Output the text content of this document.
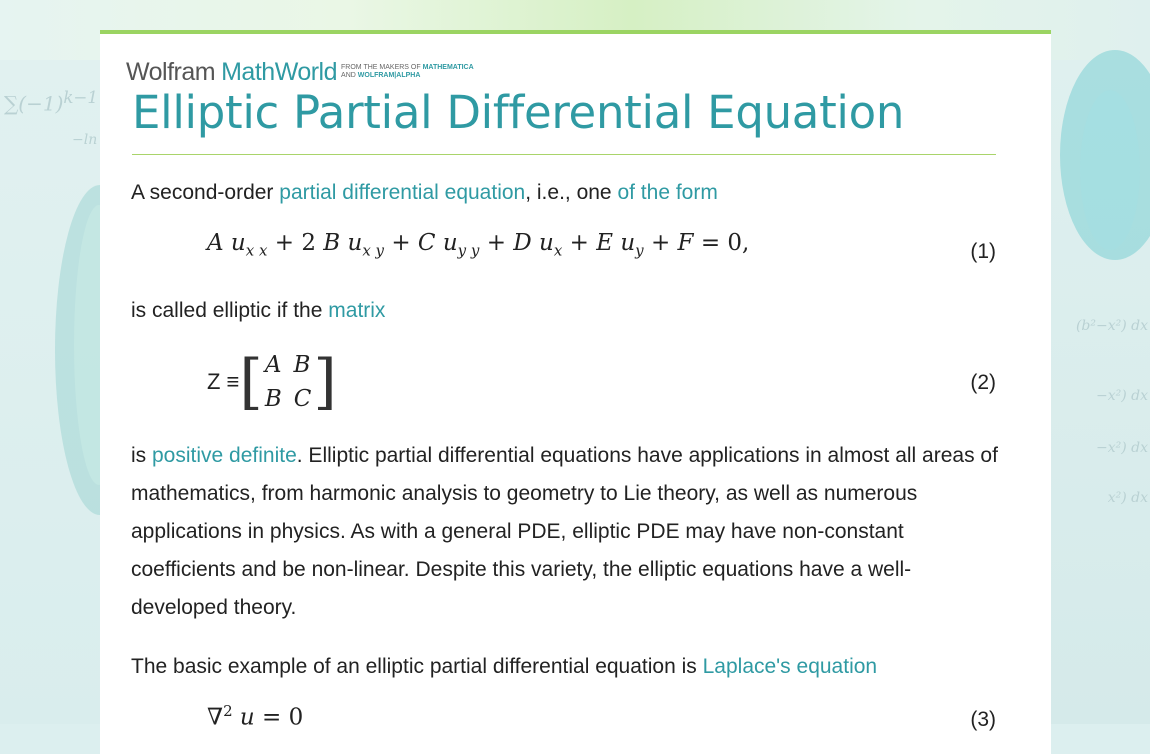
$\sum(-1)^{k-1}$
−ln
(b²−x²) dx
−x²) dx
−x²) dx
x²) dx
Wolfram MathWorld FROM THE MAKERS OF MATHEMATICA
AND WOLFRAM|ALPHA
Elliptic Partial Differential Equation

A second-order partial differential equation, i.e., one of the form

A $u_{x x} + 2$ B $u_{x y} + C$ $u_{y y} + D$ $u_x + E$ $u_y + F = 0$,	(1)

is called elliptic if the matrix

Z ≡ [ A B
B C ]	(2)

is positive definite. Elliptic partial differential equations have applications in almost all areas of mathematics, from harmonic analysis to geometry to Lie theory, as well as numerous applications in physics. As with a general PDE, elliptic PDE may have non-constant coefficients and be non-linear. Despite this variety, the elliptic equations have a well-developed theory.

The basic example of an elliptic partial differential equation is Laplace's equation

∇$^2$ u = 0	(3)
